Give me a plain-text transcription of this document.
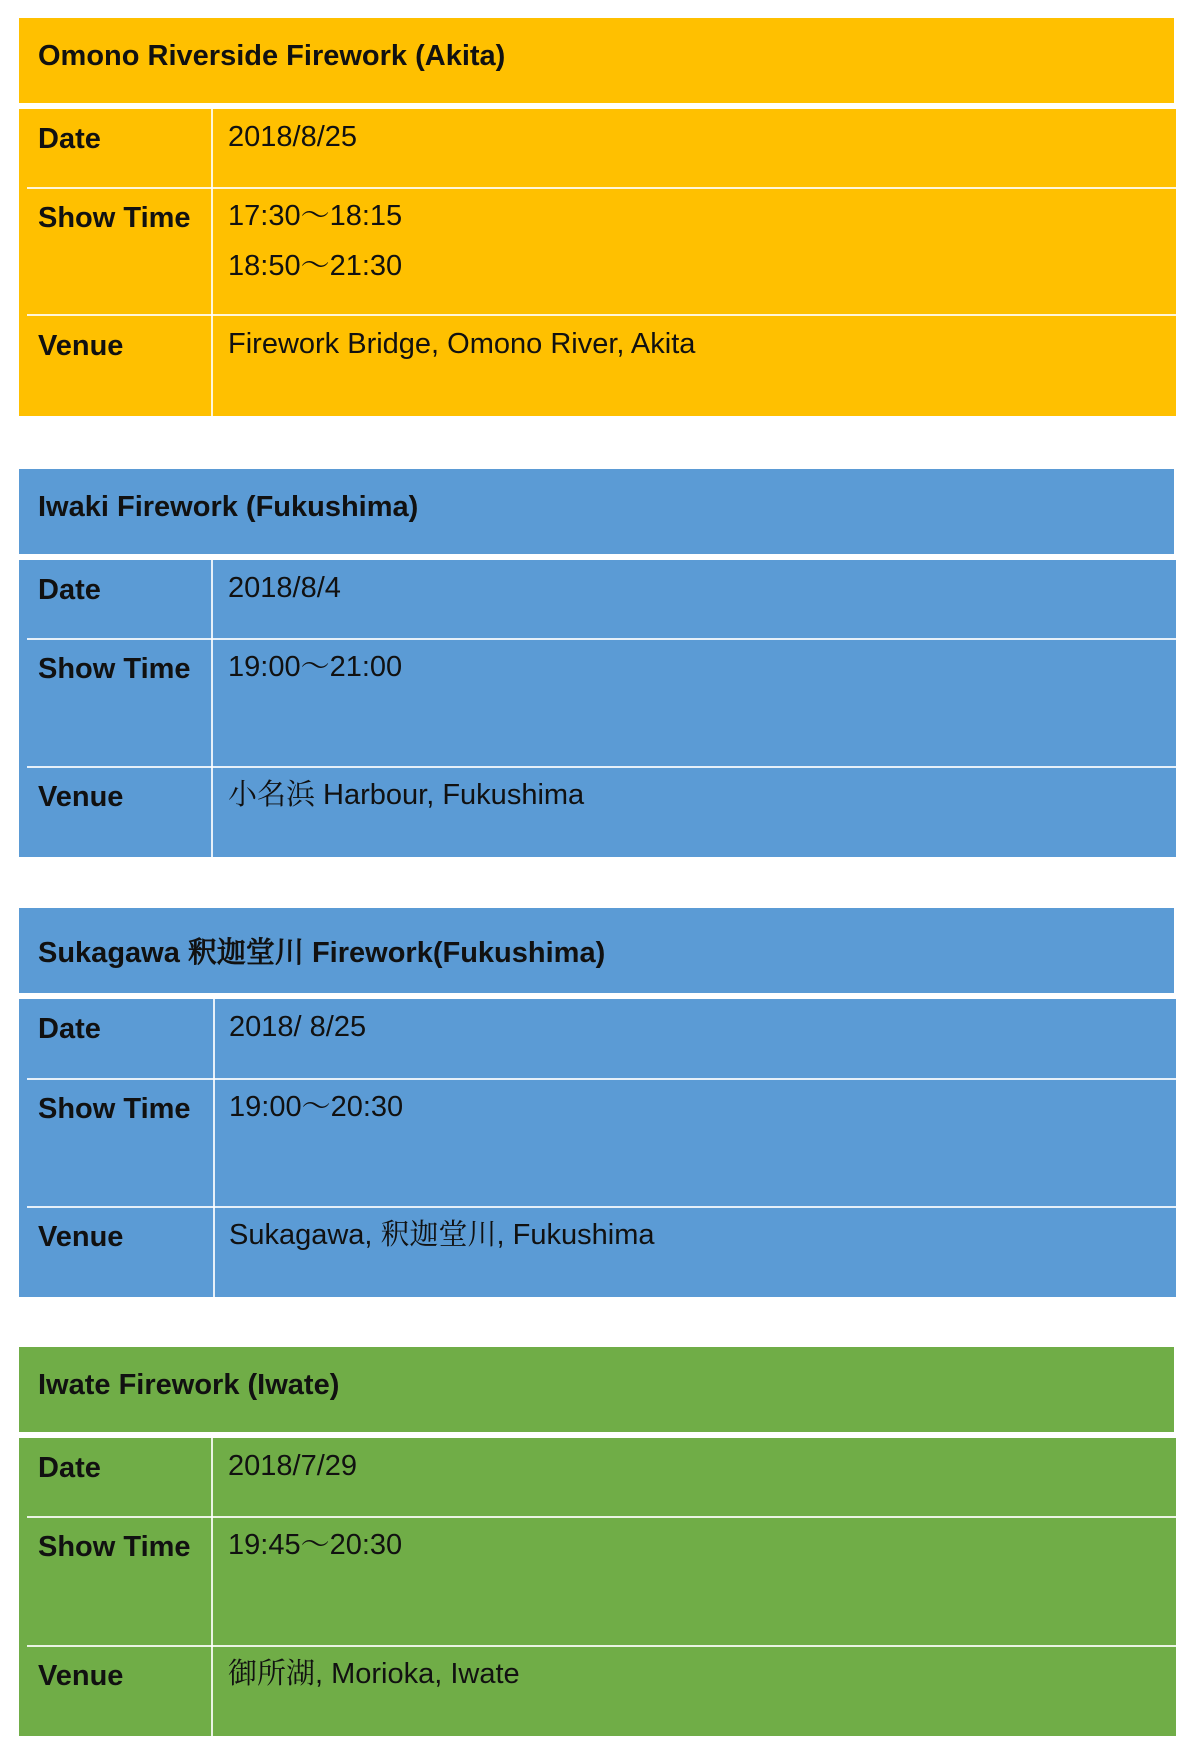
Omono Riverside Firework (Akita)
Date	2018/8/25
Show Time 17:30～18:15
18:50～21:30
Venue	Firework Bridge, Omono River, Akita
Iwaki Firework (Fukushima)
Date	2018/8/4
Show Time 19:00～21:00
Venue	小名浜 Harbour, Fukushima
Sukagawa 釈迦堂川 Firework(Fukushima)
Date	2018/ 8/25
Show Time 19:00～20:30
Venue	Sukagawa, 釈迦堂川, Fukushima
Iwate Firework (Iwate)
Date	2018/7/29
Show Time 19:45～20:30
Venue	御所湖, Morioka, Iwate
